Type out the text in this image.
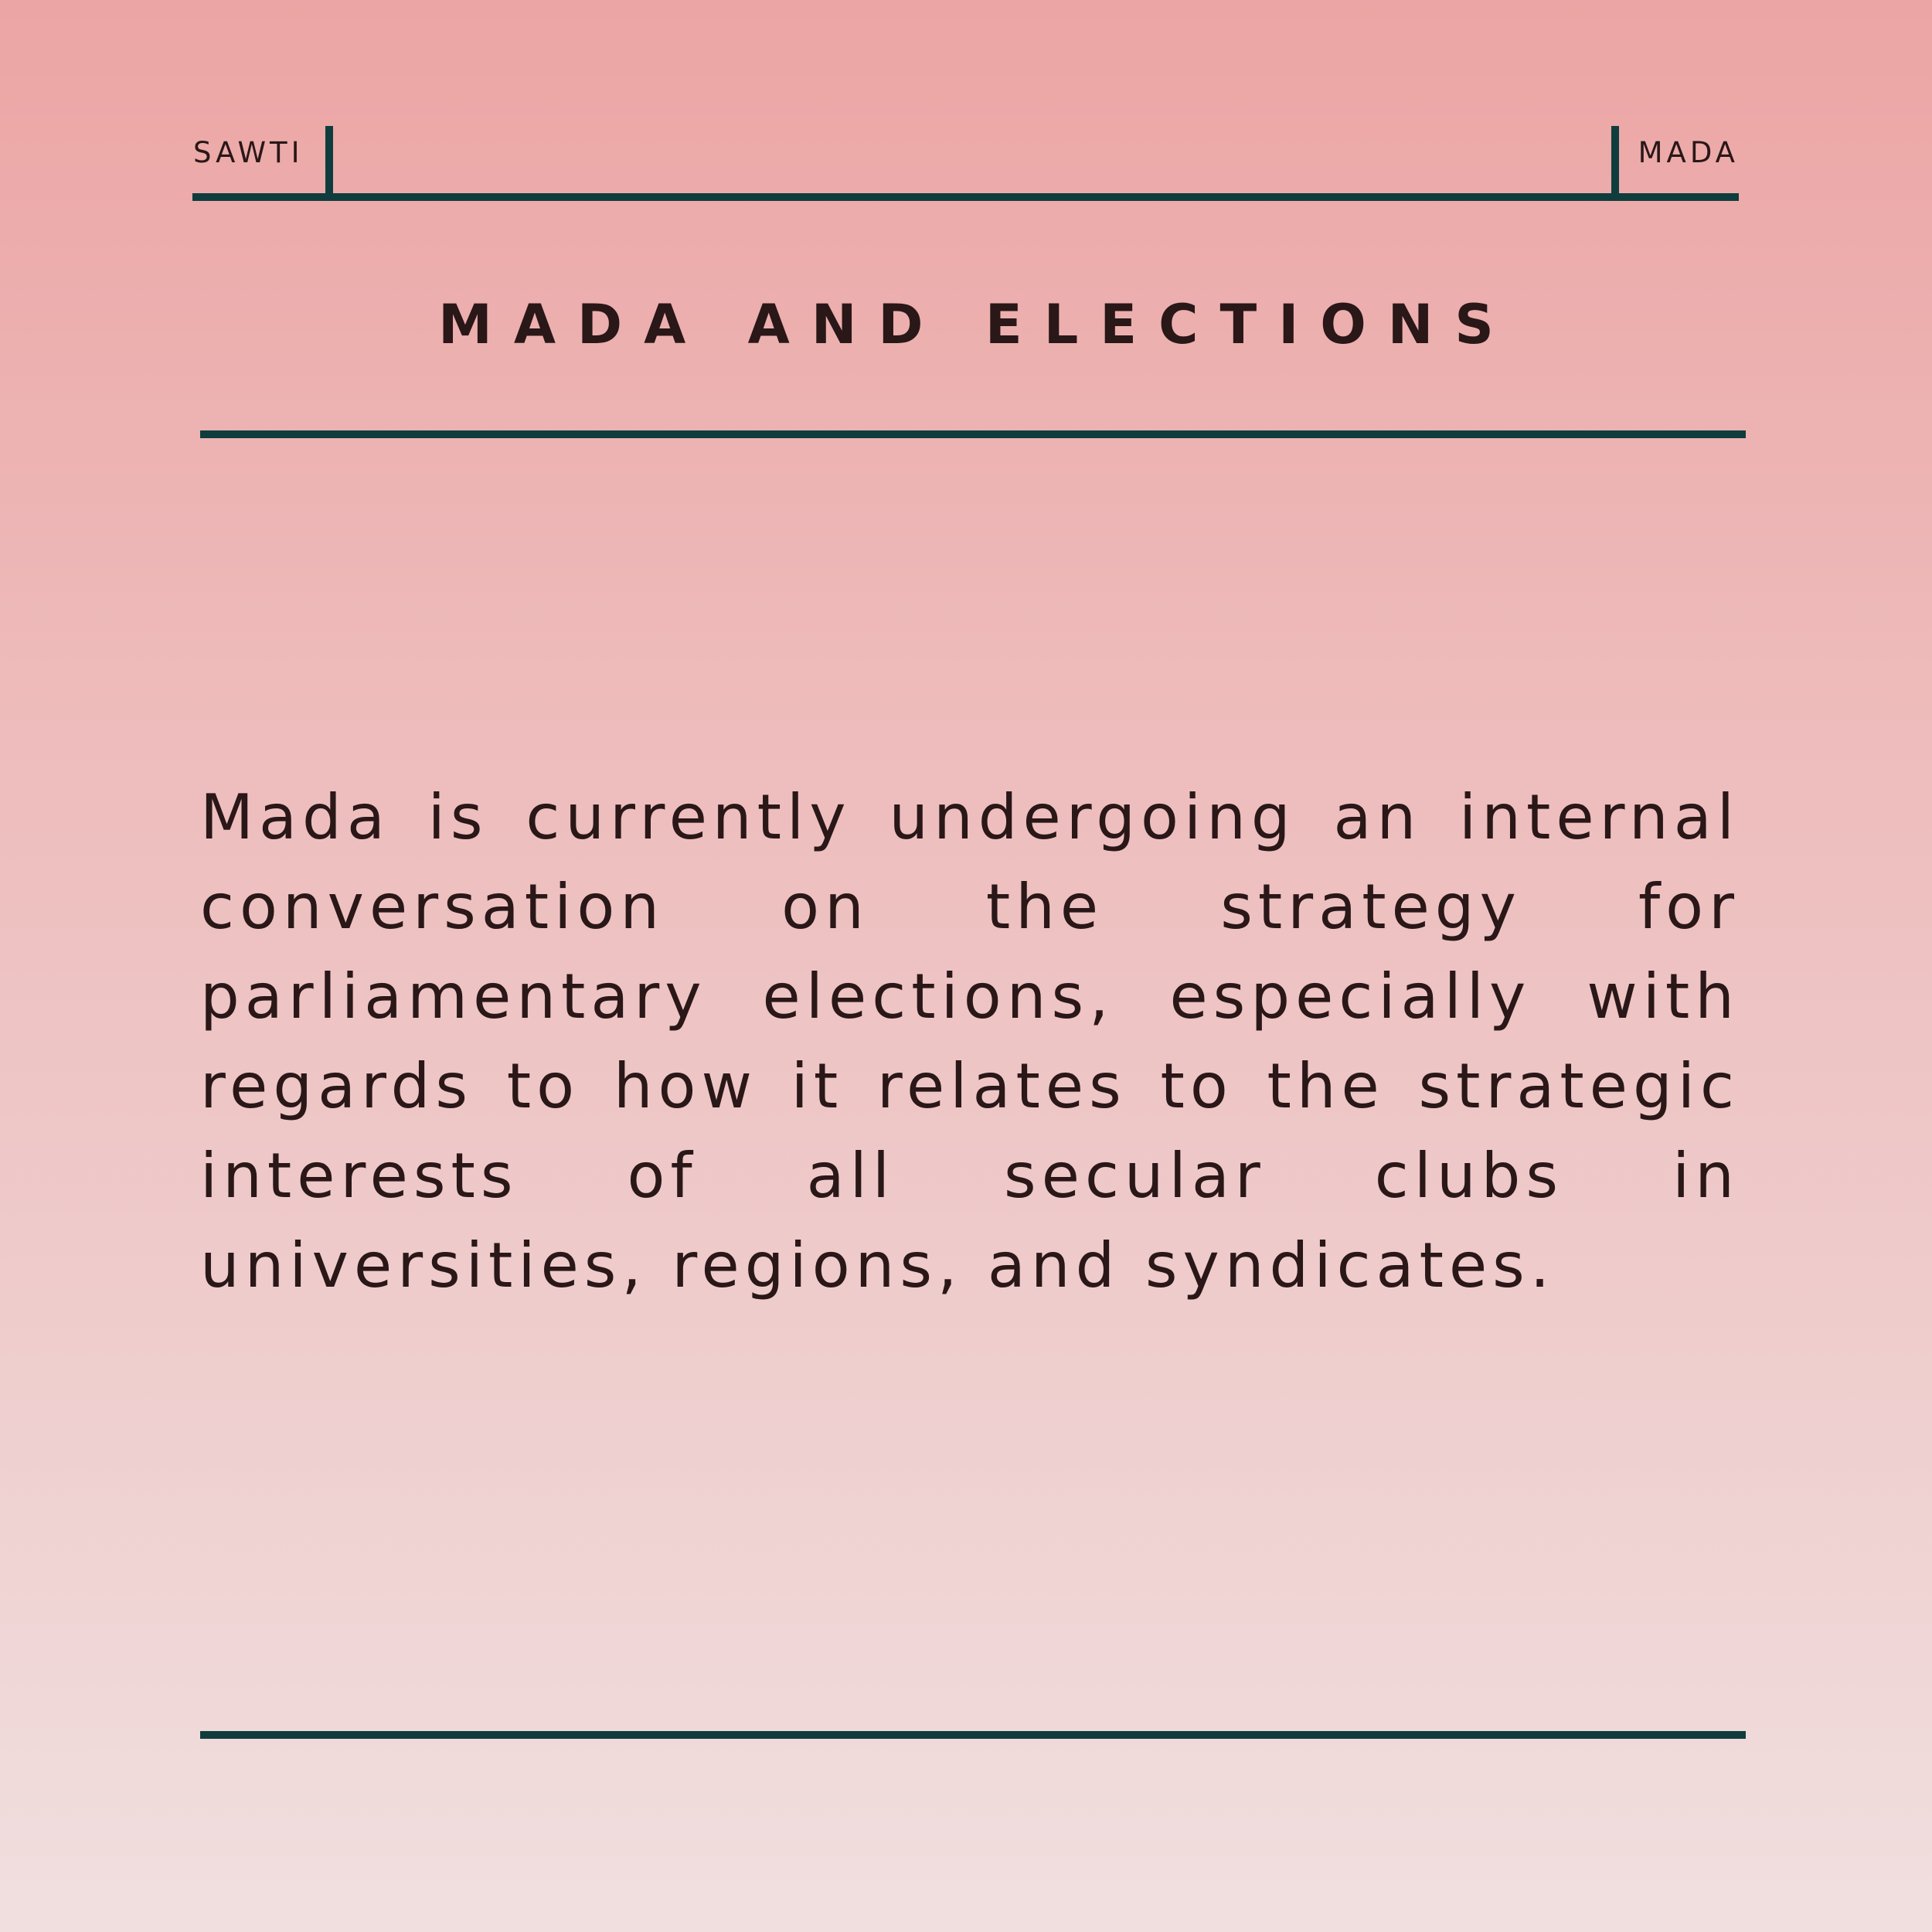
SAWTI	MADA
MADA AND ELECTIONS

Mada is currently undergoing an internal conversation on the strategy for parliamentary elections, especially with regards to how it relates to the strategic interests of all secular clubs in universities, regions, and syndicates.
